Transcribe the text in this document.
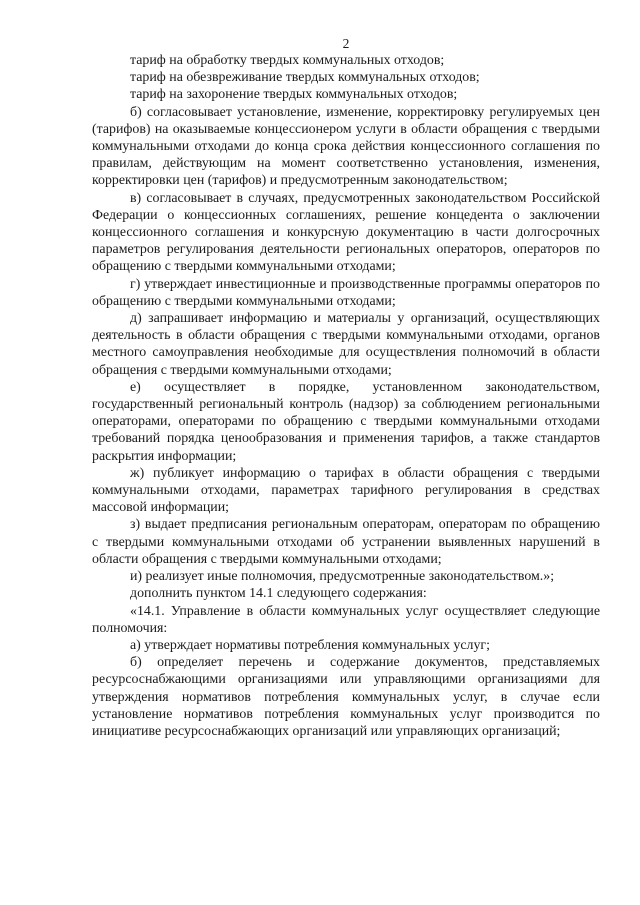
2

тариф на обработку твердых коммунальных отходов;

тариф на обезвреживание твердых коммунальных отходов;

тариф на захоронение твердых коммунальных отходов;

б) согласовывает установление, изменение, корректировку регулируемых цен (тарифов) на оказываемые концессионером услуги в области обращения с твердыми коммунальными отходами до конца срока действия концессионного соглашения по правилам, действующим на момент соответственно установления, изменения, корректировки цен (тарифов) и предусмотренным законодательством;

в) согласовывает в случаях, предусмотренных законодательством Российской Федерации о концессионных соглашениях, решение концедента о заключении концессионного соглашения и конкурсную документацию в части долгосрочных параметров регулирования деятельности региональных операторов, операторов по обращению с твердыми коммунальными отходами;

г) утверждает инвестиционные и производственные программы операторов по обращению с твердыми коммунальными отходами;

д) запрашивает информацию и материалы у организаций, осуществляющих деятельность в области обращения с твердыми коммунальными отходами, органов местного самоуправления необходимые для осуществления полномочий в области обращения с твердыми коммунальными отходами;

е) осуществляет в порядке, установленном законодательством, государственный региональный контроль (надзор) за соблюдением региональными операторами, операторами по обращению с твердыми коммунальными отходами требований порядка ценообразования и применения тарифов, а также стандартов раскрытия информации;

ж) публикует информацию о тарифах в области обращения с твердыми коммунальными отходами, параметрах тарифного регулирования в средствах массовой информации;

з) выдает предписания региональным операторам, операторам по обращению с твердыми коммунальными отходами об устранении выявленных нарушений в области обращения с твердыми коммунальными отходами;

и) реализует иные полномочия, предусмотренные законодательством.»;

дополнить пунктом 14.1 следующего содержания:

«14.1. Управление в области коммунальных услуг осуществляет следующие полномочия:

а) утверждает нормативы потребления коммунальных услуг;

б) определяет перечень и содержание документов, представляемых ресурсоснабжающими организациями или управляющими организациями для утверждения нормативов потребления коммунальных услуг, в случае если установление нормативов потребления коммунальных услуг производится по инициативе ресурсоснабжающих организаций или управляющих организаций;
